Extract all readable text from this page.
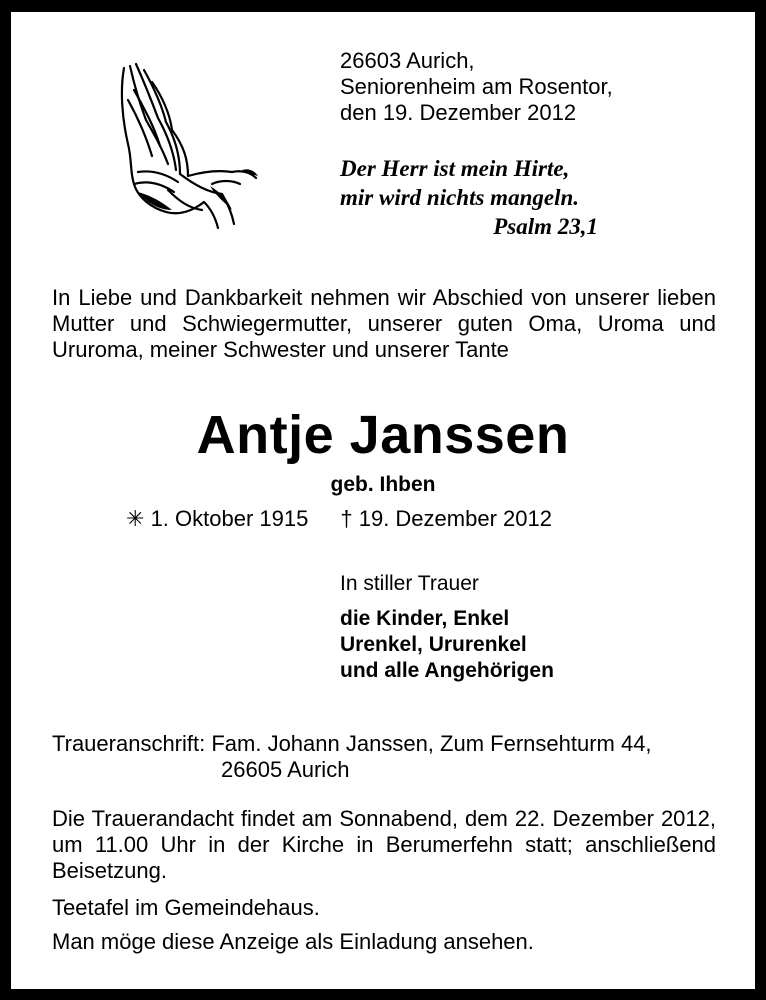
26603 Aurich,
Seniorenheim am Rosentor,
den 19. Dezember 2012
Der Herr ist mein Hirte,
mir wird nichts mangeln.
Psalm 23,1
In Liebe und Dankbarkeit nehmen wir Abschied von unserer lieben Mutter und Schwiegermutter, unserer guten Oma, Uroma und Ururoma, meiner Schwester und unserer Tante
Antje Janssen
geb. Ihben
✳ 1. Oktober 1915 † 19. Dezember 2012
In stiller Trauer
die Kinder, Enkel
Urenkel, Ururenkel
und alle Angehörigen
Traueranschrift: Fam. Johann Janssen, Zum Fernsehturm 44,
26605 Aurich
Die Trauerandacht findet am Sonnabend, dem 22. Dezember 2012, um 11.00 Uhr in der Kirche in Berumerfehn statt; anschließend Beisetzung.
Teetafel im Gemeindehaus.
Man möge diese Anzeige als Einladung ansehen.
